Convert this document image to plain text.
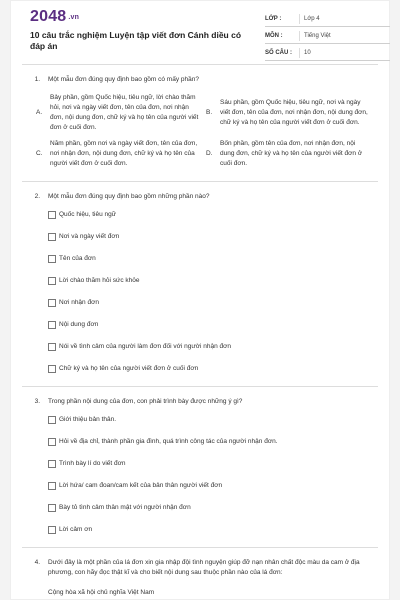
2048 .vn
10 câu trắc nghiệm Luyện tập viết đơn Cánh diều có đáp án
LỚP :	Lớp 4
MÔN :	Tiếng Việt
SỐ CÂU :	10
1.	Một mẫu đơn đúng quy định bao gồm có mấy phần?
A.
Bảy phần, gồm Quốc hiệu, tiêu ngữ, lời chào thăm hỏi, nơi và ngày viết đơn, tên của đơn, nơi nhận đơn, nội dung đơn, chữ ký và họ tên của người viết đơn ở cuối đơn.
B.
Sáu phần, gồm Quốc hiệu, tiêu ngữ, nơi và ngày viết đơn, tên của đơn, nơi nhận đơn, nội dung đơn, chữ ký và họ tên của người viết đơn ở cuối đơn.
C.
Năm phần, gồm nơi và ngày viết đơn, tên của đơn, nơi nhận đơn, nội dung đơn, chữ ký và họ tên của người viết đơn ở cuối đơn.
D.
Bốn phần, gồm tên của đơn, nơi nhận đơn, nội dung đơn, chữ ký và họ tên của người viết đơn ở cuối đơn.
2.	Một mẫu đơn đúng quy định bao gồm những phần nào?
Quốc hiệu, tiêu ngữ
Nơi và ngày viết đơn
Tên của đơn
Lời chào thăm hỏi sức khỏe
Nơi nhận đơn
Nội dung đơn
Nói về tình cảm của người làm đơn đối với người nhận đơn
Chữ ký và họ tên của người viết đơn ở cuối đơn
3.	Trong phần nội dung của đơn, con phải trình bày được những ý gì?
Giới thiệu bản thân.
Hỏi về địa chỉ, thành phần gia đình, quá trình công tác của người nhận đơn.
Trình bày lí do viết đơn
Lời hứa/ cam đoan/cam kết của bản thân người viết đơn
Bày tỏ tình cảm thân mật với người nhận đơn
Lời cảm ơn
4.	Dưới đây là một phần của lá đơn xin gia nhập đội tình nguyện giúp đỡ nạn nhân chất độc màu da cam ở địa phương, con hãy đọc thật kĩ và cho biết nội dung sau thuộc phần nào của lá đơn:
Cộng hòa xã hội chủ nghĩa Việt Nam
